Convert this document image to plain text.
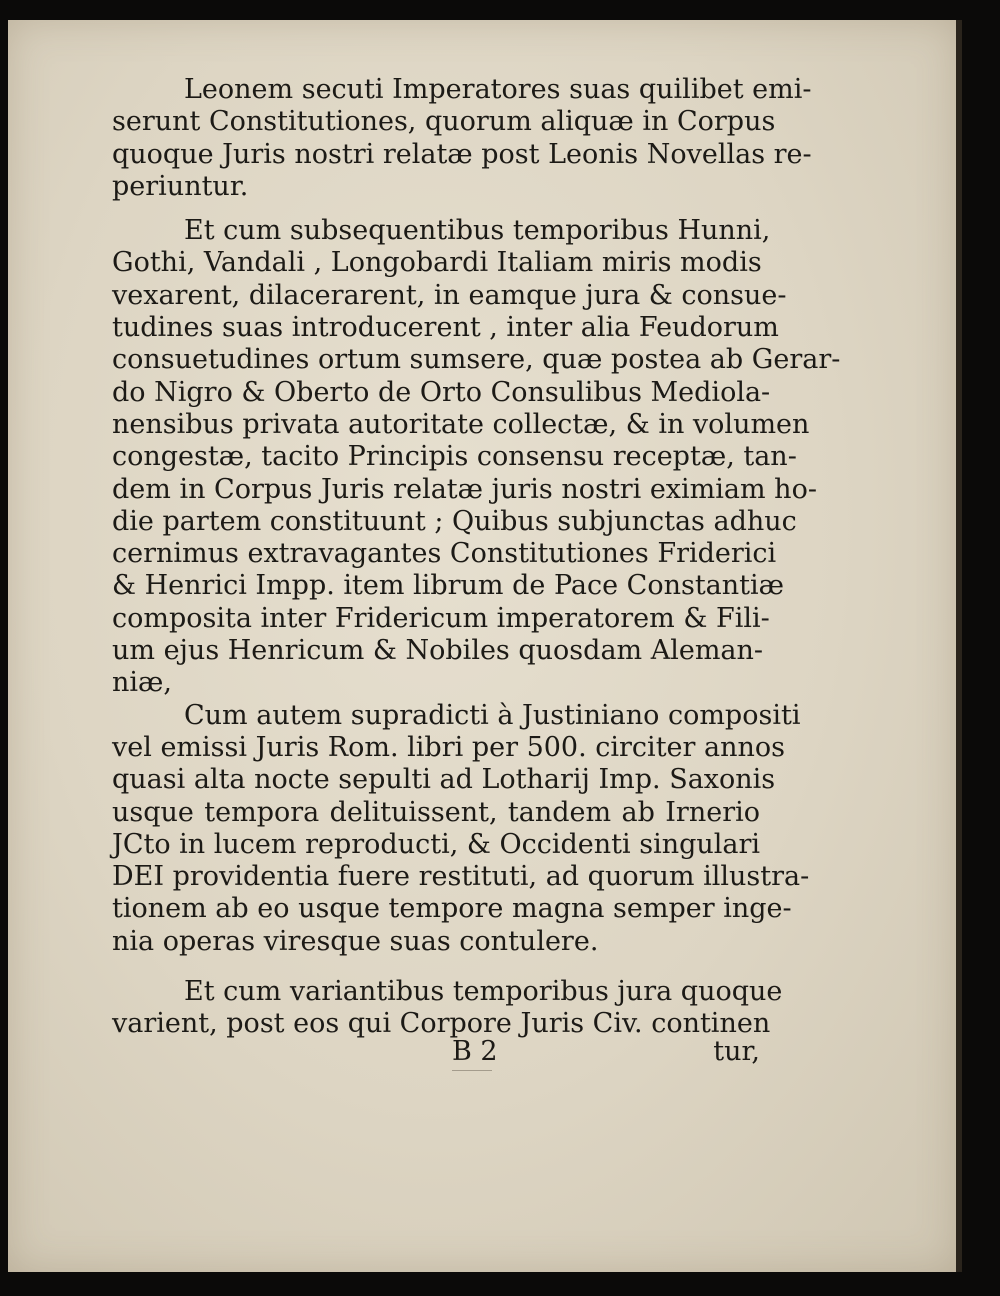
Leonem secuti Imperatores suas quilibet emi-
serunt Constitutiones, quorum aliquæ in Corpus
quoque Juris nostri relatæ post Leonis Novellas re-
periuntur.
Et cum subsequentibus temporibus Hunni,
Gothi, Vandali , Longobardi Italiam miris modis
vexarent, dilacerarent, in eamque jura & consue-
tudines suas introducerent , inter alia Feudorum
consuetudines ortum sumsere, quæ postea ab Gerar-
do Nigro & Oberto de Orto Consulibus Mediola-
nensibus privata autoritate collectæ, & in volumen
congestæ, tacito Principis consensu receptæ, tan-
dem in Corpus Juris relatæ juris nostri eximiam ho-
die partem constituunt ; Quibus subjunctas adhuc
cernimus extravagantes Constitutiones Friderici
& Henrici Impp. item librum de Pace Constantiæ
composita inter Fridericum imperatorem & Fili-
um ejus Henricum & Nobiles quosdam Aleman-
niæ,
Cum autem supradicti à Justiniano compositi
vel emissi Juris Rom. libri per 500. circiter annos
quasi alta nocte sepulti ad Lotharij Imp. Saxonis
usque tempora delituissent, tandem ab Irnerio
JCto in lucem reproducti, & Occidenti singulari
DEI providentia fuere restituti, ad quorum illustra-
tionem ab eo usque tempore magna semper inge-
nia operas viresque suas contulere.
Et cum variantibus temporibus jura quoque
varient, post eos qui Corpore Juris Civ. continen
B 2	tur,
